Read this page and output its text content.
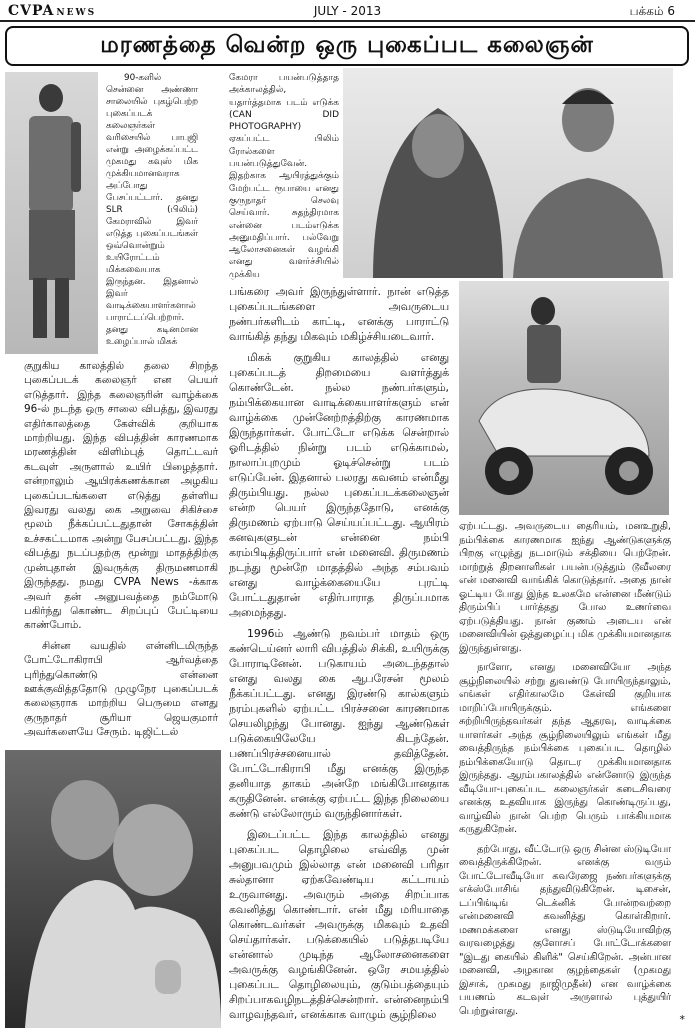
CVPA NEWS	JULY - 2013	பக்கம் 6
மரணத்தை வென்ற ஒரு புகைப்பட கலைஞன்

90-களில் சென்னை அண்ணா சாலையில் புகழ்பெற்ற புகைப்படக் கலைஞர்கள் வரிசையில் பாபுஜி என்று அழைக்கப்பட்ட முகமது கவுஸ் மிக முக்கியமானவராக அப்போது பேசப்பட்டார். தனது SLR (பிலிம்) கேமராவில் இவர் எடுத்த புகைப்படங்கள் ஒவ்வொன்றும் உயிரோட்டம் மிக்கவையாக இருந்தன. இதனால் இவர் வாடிக்கையாளர்களால் பாராட்டப்பெற்றார். தனது கடினமான உழைப்பால் மிகக்

குறுகிய காலத்தில் தலை சிறந்த புகைப்படக் கலைஞர் என பெயர் எடுத்தார். இந்த கலைஞரின் வாழ்க்கை 96-ல் நடந்த ஒரு சாலை விபத்து, இவரது எதிர்காலத்தை கேள்விக் குறியாக மாற்றியது. இந்த விபத்தின் காரணமாக மரணத்தின் விளிம்புத் தொட்டவர் கடவுள் அருளால் உயிர் பிழைத்தார். என்றாலும் ஆயிரக்கணக்கான அழகிய புகைப்படங்களை எடுத்து தள்ளிய இவரது வலது கை அறுவை சிகிச்சை மூலம் நீக்கப்பட்டதுதான் சோகத்தின் உச்சகட்டமாக அன்று பேசப்பட்டது. இந்த விபத்து நடப்பதற்கு மூன்று மாதத்திற்கு முன்புதான் இவருக்கு திருமணமாகி இருந்தது. நமது CVPA News -க்காக அவர் தன் அனுபவத்தை நம்மோடு பகிர்ந்து கொண்ட சிறப்புப் பேட்டியை காண்போம்.

சின்ன வயதில் என்னிடமிருந்த போட்டோகிராபி ஆர்வத்தை புரிந்துகொண்டு என்னை ஊக்குவித்ததோடு முழுநேர புகைப்படக் கலைஞராக மாற்றிய பெருமை எனது குருநாதர் சூரியா ஜெயகுமார் அவர்களையே சேரும். டிஜிட்டல்

கேமரா பயன்படுத்தாத அக்காலத்தில், யதார்த்தமாக படம் எடுக்க (CAN DID PHOTOGRAPHY) ஏகப்பட்ட பிலிம் ரோல்களை பயன்படுத்துவேன். இதற்காக ஆயிரத்துக்கும் மேற்பட்ட ரூபாயை எனது குருநாதர் செலவு செய்வார். சுதந்திரமாக என்னை படம்எடுக்க அனுமதிப்பார். பல்வேறு ஆலோசனைகள் வழங்கி எனது வளர்ச்சியில் முக்கிய

பங்கரை அவர் இருந்துள்ளார். நான் எடுத்த புகைப்படங்களை அவருடைய நண்பர்களிடம் காட்டி, எனக்கு பாராட்டு வாங்கித் தந்து மிகவும் மகிழ்ச்சியடைவார்.

மிகக் குறுகிய காலத்தில் எனது புகைப்படத் திறமையை வளர்த்துக் கொண்டேன். நல்ல நண்பர்களும், நம்பிக்கையான வாடிக்கையாளர்களும் என் வாழ்க்கை முன்னேற்றத்திற்கு காரணமாக இருந்தார்கள். போட்டோ எடுக்க சென்றால் ஓரிடத்தில் நின்று படம் எடுக்காமல், நாலாப்புறமும் ஓடிச்சென்று படம் எடுப்பேன். இதனால் பலரது கவனம் என்மீது திரும்பியது. நல்ல புகைப்படக்கலைஞன் என்ற பெயர் இருந்ததோடு, எனக்கு திருமணம் ஏற்பாடு செய்யப்பட்டது. ஆயிரம் கனவுகளுடன் என்னை நம்பி கரம்பிடித்திருப்பார் என் மனைவி. திருமணம் நடந்து மூன்றே மாதத்தில் அந்த சம்பவம் எனது வாழ்க்கையையே புரட்டி போட்டதுதான் எதிர்பாராத திருப்பமாக அமைந்தது.

1996ம் ஆண்டு நவம்பர் மாதம் ஒரு கண்டெய்னர் லாரி விபத்தில் சிக்கி, உயிருக்கு போராடினேன். படுகாயம் அடைந்ததால் எனது வலது கை ஆபரேசன் மூலம் நீக்கப்பட்டது. எனது இரண்டு கால்களும் நரம்புகளில் ஏற்பட்ட பிரச்சனை காரணமாக செயலிழந்து போனது. ஐந்து ஆண்டுகள் படுக்கையிலேயே கிடந்தேன். பணப்பிரச்சனையால் தவித்தேன். போட்டோகிராபி மீது எனக்கு இருந்த தனியாத தாகம் அன்றே மங்கிபோனதாக கருதினேன். எனக்கு ஏற்பட்ட இந்த நிலையை கண்டு எல்லோரும் வருந்தினார்கள்.

இடைப்பட்ட இந்த காலத்தில் எனது புகைப்பட தொழிலை எவ்வித முன் அனுபவமும் இல்லாத என் மனைவி பரிதா சுல்தானா ஏற்கவேண்டிய கட்டாயம் உருவானது. அவரும் அதை சிறப்பாக கவனித்து கொண்டார். என் மீது மரியாதை கொண்டவர்கள் அவருக்கு மிகவும் உதவி செய்தார்கள். படுக்கையில் படுத்தபடியே என்னால் முடிந்த ஆலோசனைகளை அவருக்கு வழங்கினேன். ஒரே சமயத்தில் புகைப்பட தொழிலையும், குடும்பத்தையும் சிறப்பாகவழிநடத்திச்சென்றார். என்னைநம்பி வாழவந்தவர், எனக்காக வாழும் சூழ்நிலை

ஏற்பட்டது. அவருடைய தைரியம், மனஉறுதி, நம்பிக்கை காரணமாக ஐந்து ஆண்டுகளுக்கு பிறகு எழுந்து நடமாடும் சக்தியை பெற்றேன். மாற்றுத் திறனாளிகள் பயன்படுத்தும் டூவீலரை என் மனைவி வாங்கிக் கொடுத்தார். அதை நான் ஓட்டிய போது இந்த உலகமே என்னை மீண்டும் திரும்பிப் பார்த்தது போல உணர்வை ஏற்படுத்தியது. நான் குணம் அடைய என் மனைவியின் ஒத்துழைப்பு மிக முக்கியமானதாக இருந்துள்ளது.

நாளோ, எனது மனைவியோ அந்த சூழ்நிலையில் சற்று துவண்டு போயிருந்தாலும், எங்கள் எதிர்காலமே கேள்வி குறியாக மாறிப்போயிருக்கும். எங்களை சுற்றியிருந்தவர்கள் தந்த ஆதரவு, வாடிக்கை யாளர்கள் அந்த சூழ்நிலையிலும் எங்கள் மீது வைத்திருந்த நம்பிக்கை புகைப்பட தொழில் நம்பிக்கையோடு தொடர முக்கியமானதாக இருந்தது. ஆரம்பகாலத்தில் என்னோடு இருந்த வீடியோ-புகைப்பட கலைஞர்கள் கடைசிவரை எனக்கு உதவியாக இருந்து கொண்டிருப்பது, வாழ்வில் நான் பெற்ற பெரும் பாக்கியமாக கருதுகிறேன்.

தற்போது, வீட்டோடு ஒரு சின்ன ஸ்டுடியோ வைத்திருக்கிறேன். எனக்கு வரும் போட்டோவீடியோ கவரேஜை நண்பர்களுக்கு எக்ஸ்போசிங் தந்துவிடுகிறேன். டிசைன், டப்பிங்டிங் டெக்னிக் போன்றவற்றை என்மனைவி கவனித்து கொள்கிறார். மணமக்களை எனது ஸ்டுடியோவிற்கு வரவழைத்து குளோசப் போட்டோக்களை "இடது கையில் கிளிக்" செய்கிறேன். அன்பான மனைவி, அழகான குழந்தைகள் (முகமது இசாக், முகமது நாஜிமுதீன்) என வாழ்க்கை பயணம் கடவுள் அருளால் புத்துயிர் பெற்றுள்ளது.

*
